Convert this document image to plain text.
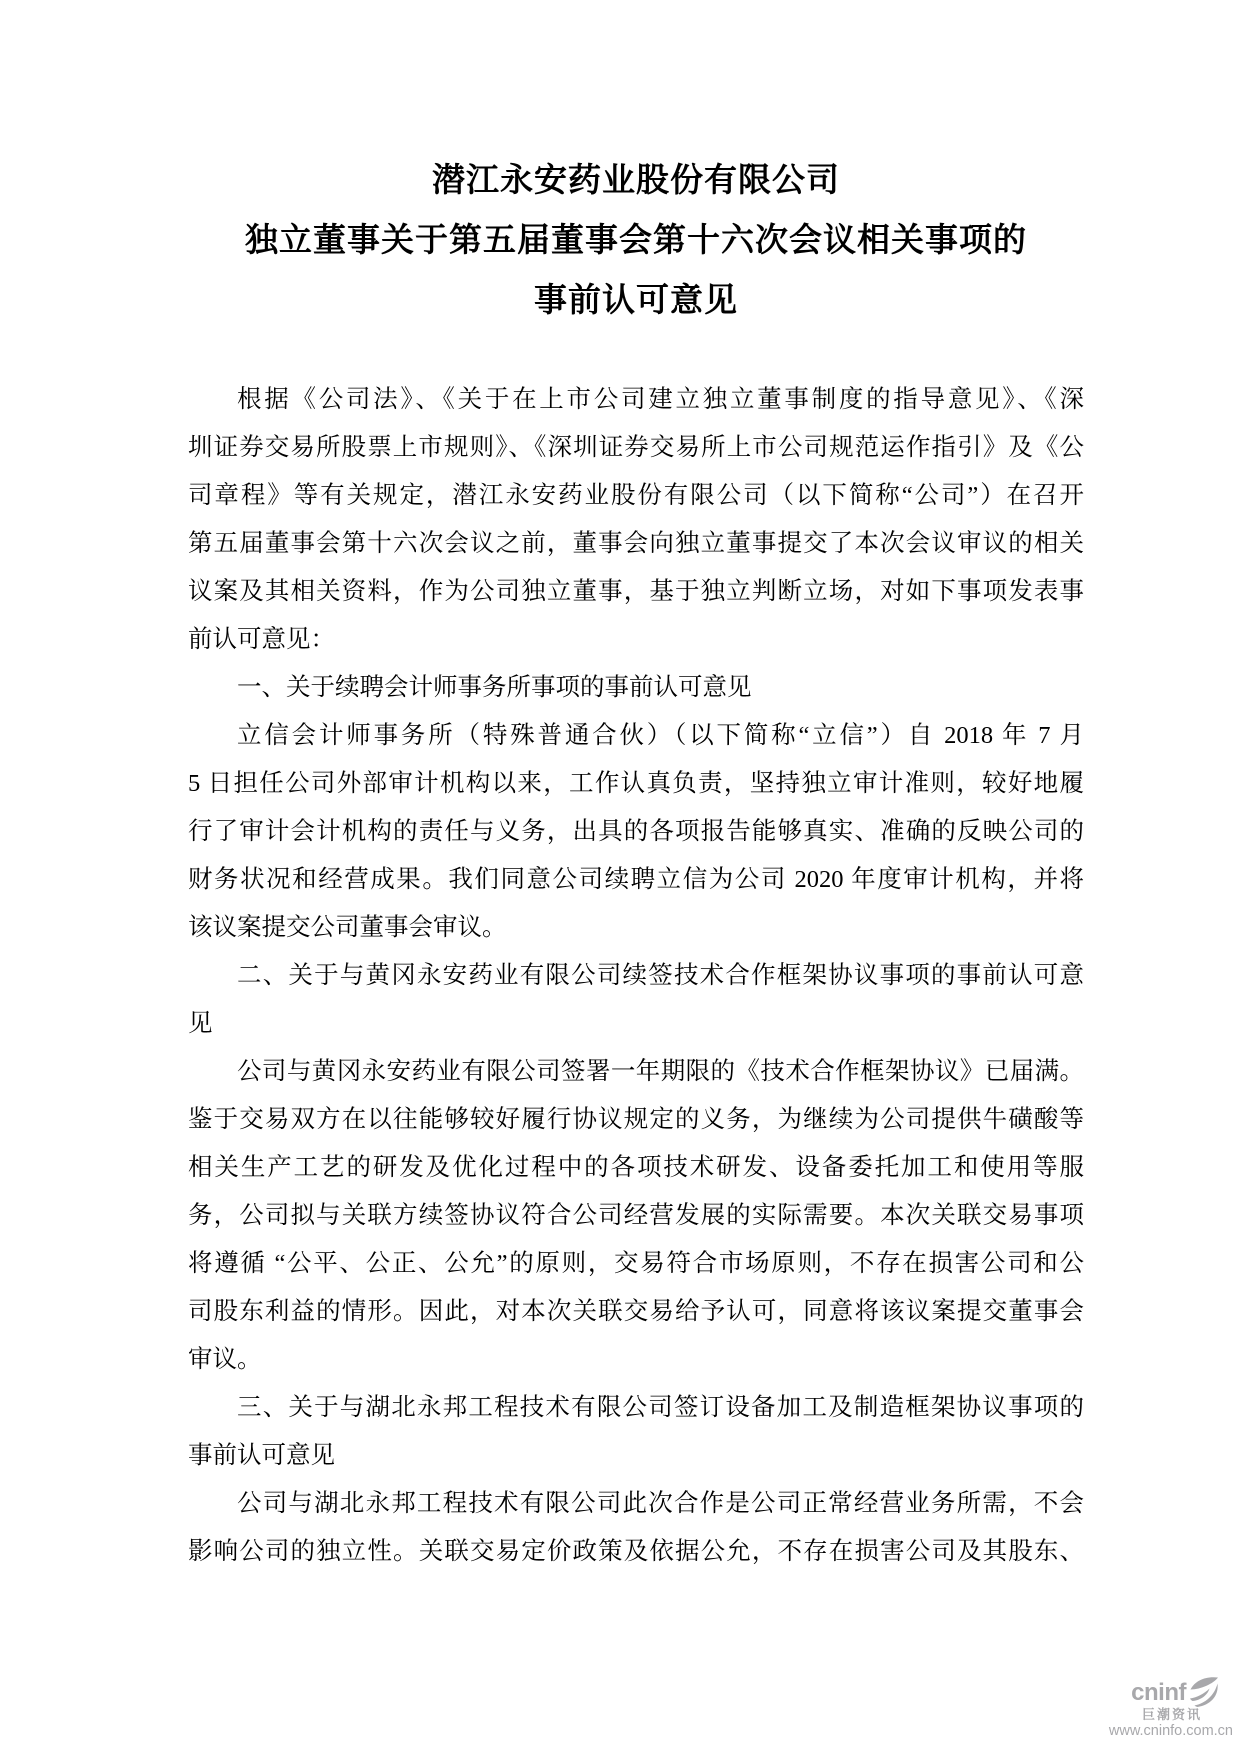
潜江永安药业股份有限公司
独立董事关于第五届董事会第十六次会议相关事项的
事前认可意见
根据《公司法》、《关于在上市公司建立独立董事制度的指导意见》、《深
圳证券交易所股票上市规则》、《深圳证券交易所上市公司规范运作指引》及《公
司章程》等有关规定，潜江永安药业股份有限公司（以下简称“公司”）在召开
第五届董事会第十六次会议之前，董事会向独立董事提交了本次会议审议的相关
议案及其相关资料，作为公司独立董事，基于独立判断立场，对如下事项发表事
前认可意见：
一、关于续聘会计师事务所事项的事前认可意见
立信会计师事务所（特殊普通合伙）（以下简称“立信”）自 2018 年 7 月
5 日担任公司外部审计机构以来，工作认真负责，坚持独立审计准则，较好地履
行了审计会计机构的责任与义务，出具的各项报告能够真实、准确的反映公司的
财务状况和经营成果。我们同意公司续聘立信为公司 2020 年度审计机构，并将
该议案提交公司董事会审议。
二、关于与黄冈永安药业有限公司续签技术合作框架协议事项的事前认可意
见
公司与黄冈永安药业有限公司签署一年期限的《技术合作框架协议》已届满。
鉴于交易双方在以往能够较好履行协议规定的义务，为继续为公司提供牛磺酸等
相关生产工艺的研发及优化过程中的各项技术研发、设备委托加工和使用等服
务，公司拟与关联方续签协议符合公司经营发展的实际需要。本次关联交易事项
将遵循 “公平、公正、公允”的原则，交易符合市场原则，不存在损害公司和公
司股东利益的情形。因此，对本次关联交易给予认可，同意将该议案提交董事会
审议。
三、关于与湖北永邦工程技术有限公司签订设备加工及制造框架协议事项的
事前认可意见
公司与湖北永邦工程技术有限公司此次合作是公司正常经营业务所需，不会
影响公司的独立性。关联交易定价政策及依据公允，不存在损害公司及其股东、
cninf
巨潮资讯
www.cninfo.com.cn
